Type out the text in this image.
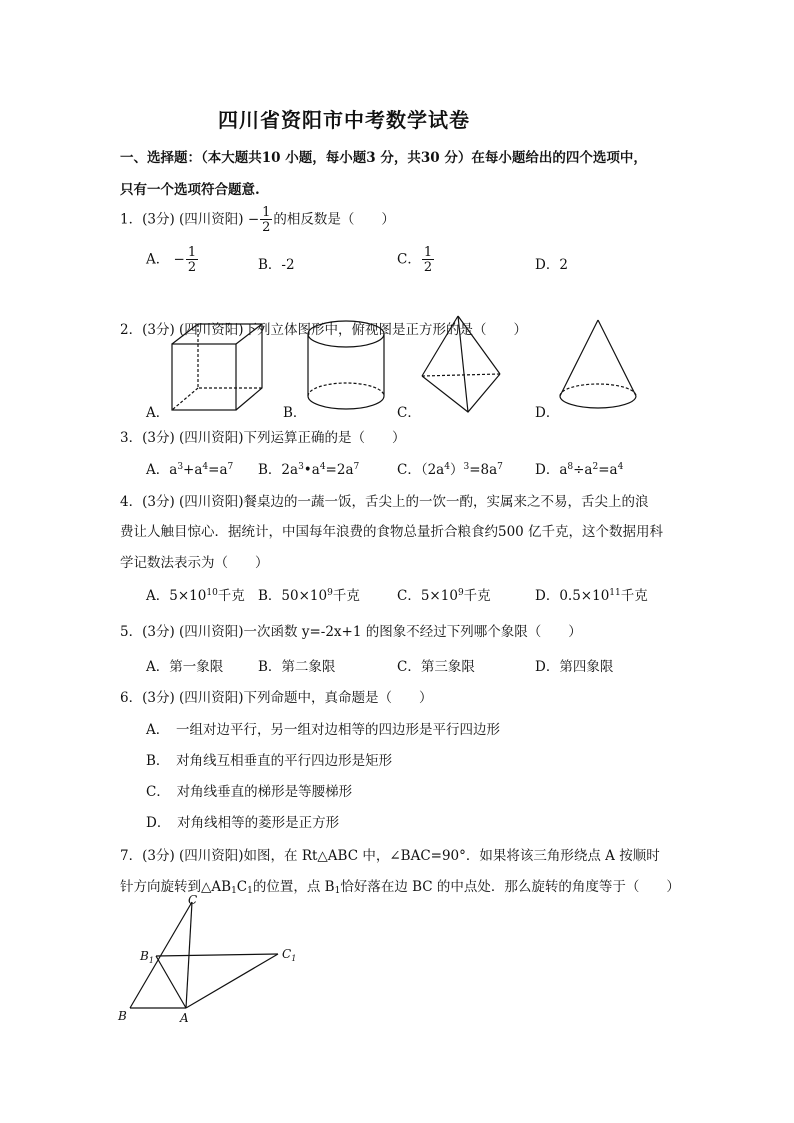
四川省资阳市中考数学试卷
一、选择题：（本大题共10 小题，每小题3 分，共30 分）在每小题给出的四个选项中，
只有一个选项符合题意.
1．(3分) (四川资阳) − $\frac{1}{2}$ 的相反数是（　　）
A． − $\frac{1}{2}$	B．-2	C． $\frac{1}{2}$	D．2
2．(3分) (四川资阳)下列立体图形中，俯视图是正方形的是（　　）
A．	B．	C．	D．
3．(3分) (四川资阳)下列运算正确的是（　　）
A．$a^3+a^4=a^7$ B．$2a^3•a^4=2a^7$	C．$(2a^4)^3=8a^7$ D．$a^8\div a^2=a^4$
4．(3分) (四川资阳)餐桌边的一蔬一饭，舌尖上的一饮一酌，实属来之不易，舌尖上的浪
费让人触目惊心．据统计，中国每年浪费的食物总量折合粮食约500 亿千克，这个数据用科
学记数法表示为（　　）
A．$5\times 10^{10}$千克 B．$50\times 10^9$千克	C．$5\times 10^9$千克	D．$0.5\times 10^{11}$千克
5．(3分) (四川资阳)一次函数 y=-2x+1 的图象不经过下列哪个象限（　　）
A．第一象限	B．第二象限	C．第三象限	D．第四象限
6．(3分) (四川资阳)下列命题中，真命题是（　　）
A．　一组对边平行，另一组对边相等的四边形是平行四边形
B．　对角线互相垂直的平行四边形是矩形
C．　对角线垂直的梯形是等腰梯形
D．　对角线相等的菱形是正方形
7．(3分) (四川资阳)如图，在 Rt△ABC 中，∠BAC=90°．如果将该三角形绕点 A 按顺时
针方向旋转到$\triangle AB_1C_1$的位置，点 $B_1$恰好落在边 BC 的中点处．那么旋转的角度等于（　　）
C
$B_1$	$C_1$
B	A
